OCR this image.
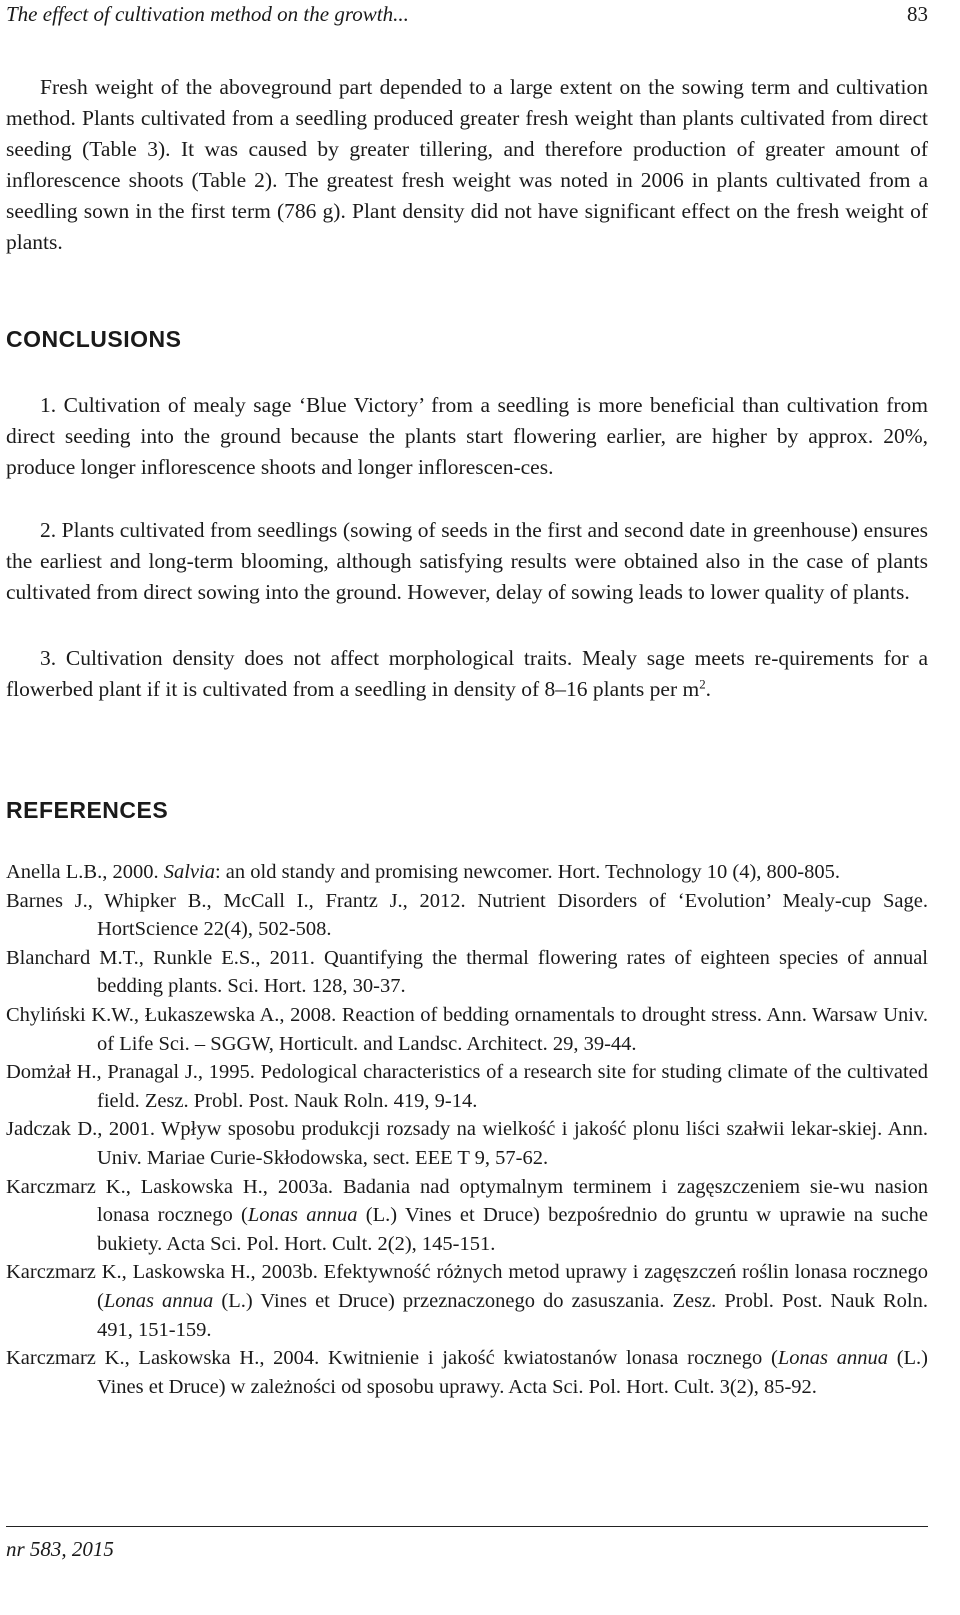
The effect of cultivation method on the growth...	83

Fresh weight of the aboveground part depended to a large extent on the sowing term and cultivation method. Plants cultivated from a seedling produced greater fresh weight than plants cultivated from direct seeding (Table 3). It was caused by greater tillering, and therefore production of greater amount of inflorescence shoots (Table 2). The greatest fresh weight was noted in 2006 in plants cultivated from a seedling sown in the first term (786 g). Plant density did not have significant effect on the fresh weight of plants.

CONCLUSIONS

1. Cultivation of mealy sage ‘Blue Victory’ from a seedling is more beneficial than cultivation from direct seeding into the ground because the plants start flowering earlier, are higher by approx. 20%, produce longer inflorescence shoots and longer inflorescen-ces.

2. Plants cultivated from seedlings (sowing of seeds in the first and second date in greenhouse) ensures the earliest and long-term blooming, although satisfying results were obtained also in the case of plants cultivated from direct sowing into the ground. However, delay of sowing leads to lower quality of plants.

3. Cultivation density does not affect morphological traits. Mealy sage meets re-quirements for a flowerbed plant if it is cultivated from a seedling in density of 8–16 plants per $m^2$.

REFERENCES
Anella L.B., 2000. Salvia: an old standy and promising newcomer. Hort. Technology 10 (4), 800-805.
Barnes J., Whipker B., McCall I., Frantz J., 2012. Nutrient Disorders of ‘Evolution’ Mealy-cup Sage. HortScience 22(4), 502-508.
Blanchard M.T., Runkle E.S., 2011. Quantifying the thermal flowering rates of eighteen species of annual bedding plants. Sci. Hort. 128, 30-37.
Chyliński K.W., Łukaszewska A., 2008. Reaction of bedding ornamentals to drought stress. Ann. Warsaw Univ. of Life Sci. – SGGW, Horticult. and Landsc. Architect. 29, 39-44.
Domżał H., Pranagal J., 1995. Pedological characteristics of a research site for studing climate of the cultivated field. Zesz. Probl. Post. Nauk Roln. 419, 9-14.
Jadczak D., 2001. Wpływ sposobu produkcji rozsady na wielkość i jakość plonu liści szałwii lekar-skiej. Ann. Univ. Mariae Curie-Skłodowska, sect. EEE T 9, 57-62.
Karczmarz K., Laskowska H., 2003a. Badania nad optymalnym terminem i zagęszczeniem sie-wu nasion lonasa rocznego (Lonas annua (L.) Vines et Druce) bezpośrednio do gruntu w uprawie na suche bukiety. Acta Sci. Pol. Hort. Cult. 2(2), 145-151.
Karczmarz K., Laskowska H., 2003b. Efektywność różnych metod uprawy i zagęszczeń roślin lonasa rocznego (Lonas annua (L.) Vines et Druce) przeznaczonego do zasuszania. Zesz. Probl. Post. Nauk Roln. 491, 151-159.
Karczmarz K., Laskowska H., 2004. Kwitnienie i jakość kwiatostanów lonasa rocznego (Lonas annua (L.) Vines et Druce) w zależności od sposobu uprawy. Acta Sci. Pol. Hort. Cult. 3(2), 85-92.
nr 583, 2015
